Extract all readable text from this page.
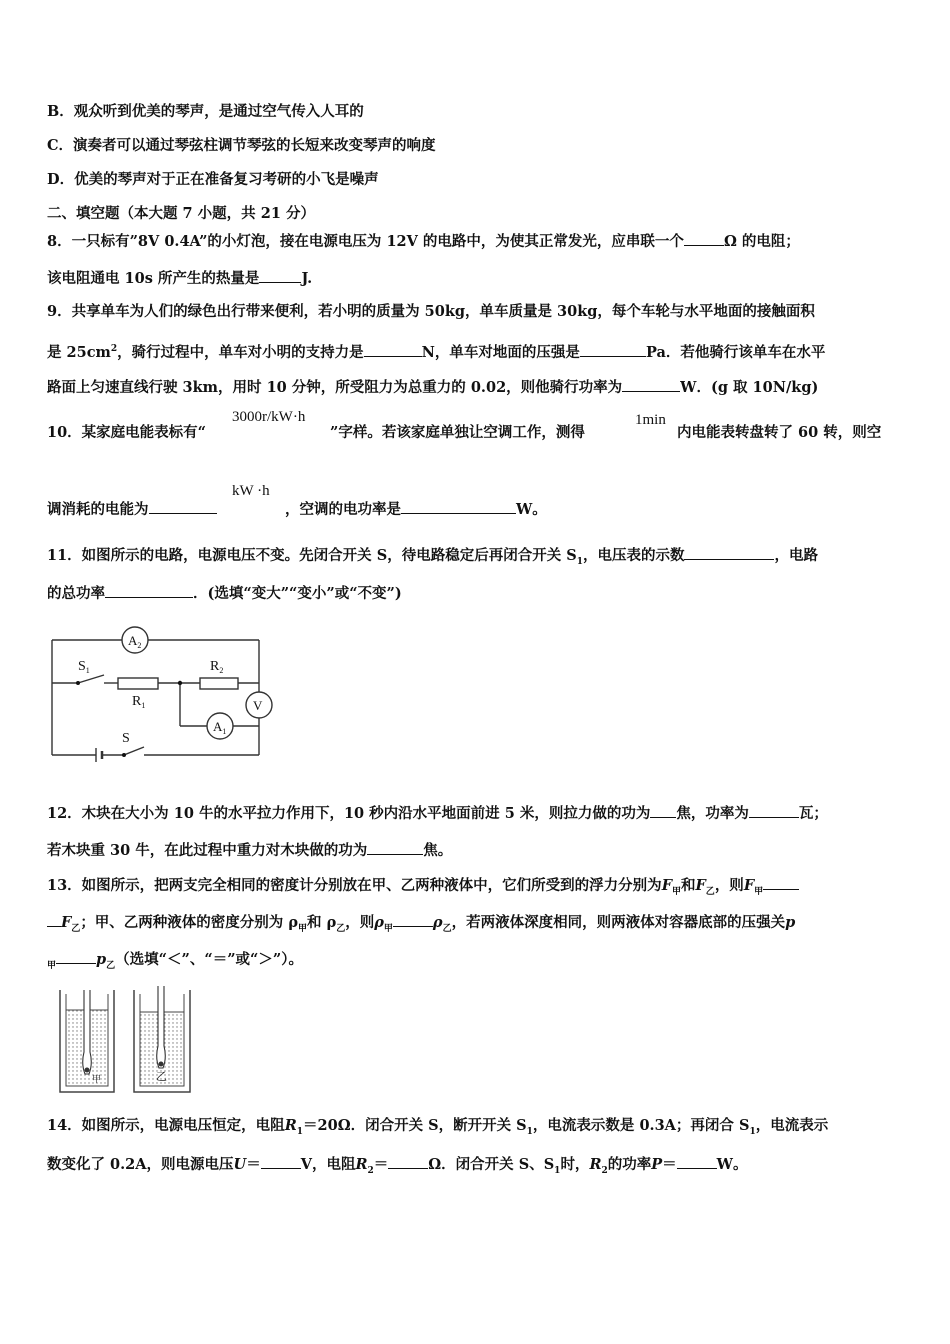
B．观众听到优美的琴声，是通过空气传入人耳的
C．演奏者可以通过琴弦柱调节琴弦的长短来改变琴声的响度
D．优美的琴声对于正在准备复习考研的小飞是噪声
二、填空题（本大题 7 小题，共 21 分）
8．一只标有”8V 0.4A”的小灯泡，接在电源电压为 12V 的电路中，为使其正常发光，应串联一个	Ω 的电阻；
该电阻通电 10s 所产生的热量是	J.
9．共享单车为人们的绿色出行带来便利，若小明的质量为 50kg，单车质量是 30kg，每个车轮与水平地面的接触面积
是 $25cm^2$，骑行过程中，单车对小明的支持力是	N，单车对地面的压强是	Pa．若他骑行该单车在水平
路面上匀速直线行驶 3km，用时 10 分钟，所受阻力为总重力的 0.02，则他骑行功率为	W．(g 取 10N/kg)
10．某家庭电能表标有“
3000r/kW·h
”字样。若该家庭单独让空调工作，测得
1min
内电能表转盘转了 60 转，则空
调消耗的电能为
kW ·h
，空调的电功率是	W。
11．如图所示的电路，电源电压不变。先闭合开关 S，待电路稳定后再闭合开关 $S_1$，电压表的示数	，电路
的总功率	．(选填“变大”“变小”或“不变”)
$A_2$
$A_1$
V
$S_1$
$R_1$
$R_2$
S
12．木块在大小为 10 牛的水平拉力作用下，10 秒内沿水平地面前进 5 米，则拉力做的功为 焦，功率为	瓦；
若木块重 30 牛，在此过程中重力对木块做的功为	焦。
13．如图所示，把两支完全相同的密度计分别放在甲、乙两种液体中，它们所受到的浮力分别为$F_甲$和$F_乙$，则$F_甲$
$F_乙$；甲、乙两种液体的密度分别为 $\rho_甲$和 $\rho_乙$，则$\rho_甲$	$\rho_乙$，若两液体深度相同，则两液体对容器底部的压强关p
$_甲$	$p_乙$（选填“＜”、“＝”或“＞”）。
甲	乙
14．如图所示，电源电压恒定，电阻$R_1=20\Omega$．闭合开关 S，断开开关 $S_1$，电流表示数是 0.3A；再闭合 $S_1$，电流表示
数变化了 0.2A，则电源电压U＝	V，电阻$R_2=$	Ω．闭合开关 S、$S_1$时，$R_2$的功率P＝	W。
